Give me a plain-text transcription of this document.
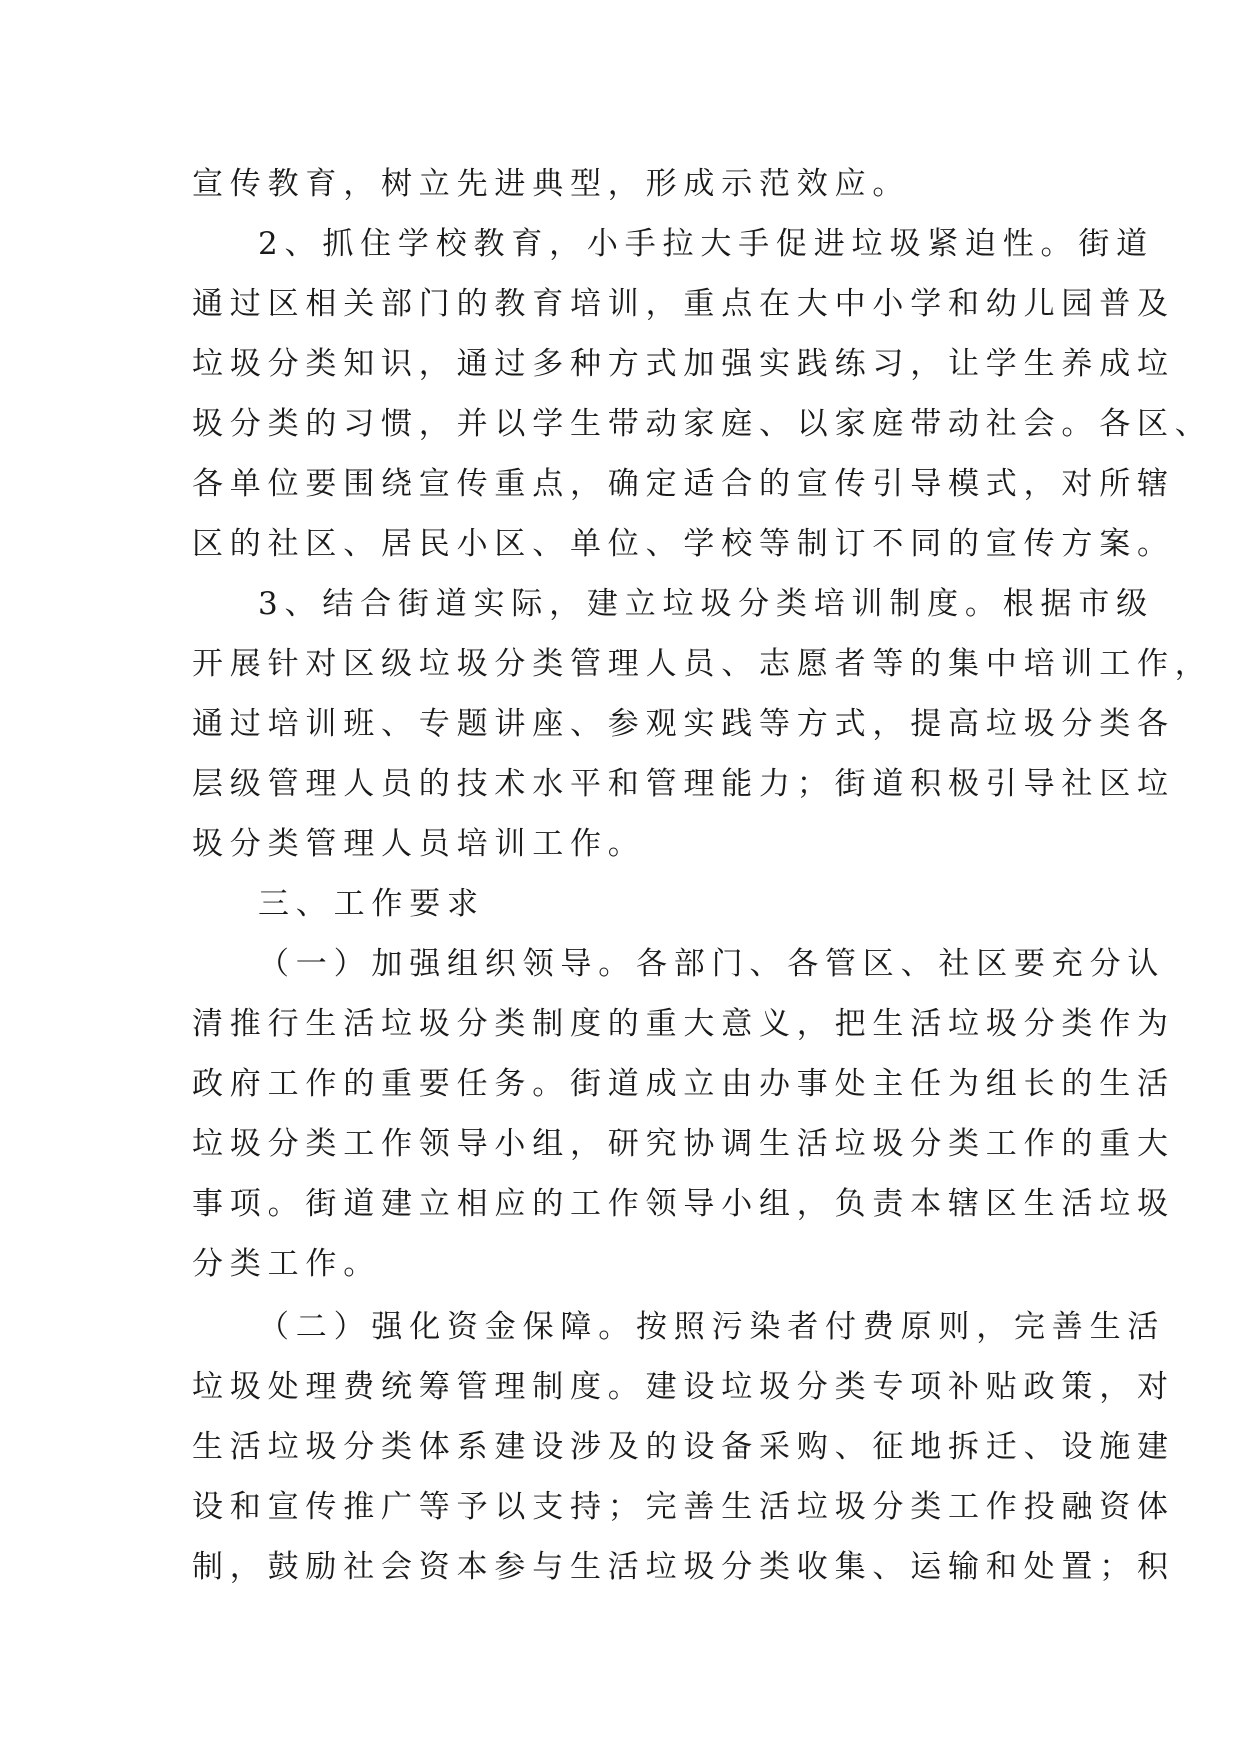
宣传教育，树立先进典型，形成示范效应。
2、抓住学校教育，小手拉大手促进垃圾紧迫性。街道
通过区相关部门的教育培训，重点在大中小学和幼儿园普及
垃圾分类知识，通过多种方式加强实践练习，让学生养成垃
圾分类的习惯，并以学生带动家庭、以家庭带动社会。各区、
各单位要围绕宣传重点，确定适合的宣传引导模式，对所辖
区的社区、居民小区、单位、学校等制订不同的宣传方案。
3、结合街道实际，建立垃圾分类培训制度。根据市级
开展针对区级垃圾分类管理人员、志愿者等的集中培训工作，
通过培训班、专题讲座、参观实践等方式，提高垃圾分类各
层级管理人员的技术水平和管理能力；街道积极引导社区垃
圾分类管理人员培训工作。
三、工作要求
（一）加强组织领导。各部门、各管区、社区要充分认
清推行生活垃圾分类制度的重大意义，把生活垃圾分类作为
政府工作的重要任务。街道成立由办事处主任为组长的生活
垃圾分类工作领导小组，研究协调生活垃圾分类工作的重大
事项。街道建立相应的工作领导小组，负责本辖区生活垃圾
分类工作。
（二）强化资金保障。按照污染者付费原则，完善生活
垃圾处理费统筹管理制度。建设垃圾分类专项补贴政策，对
生活垃圾分类体系建设涉及的设备采购、征地拆迁、设施建
设和宣传推广等予以支持；完善生活垃圾分类工作投融资体
制，鼓励社会资本参与生活垃圾分类收集、运输和处置；积
